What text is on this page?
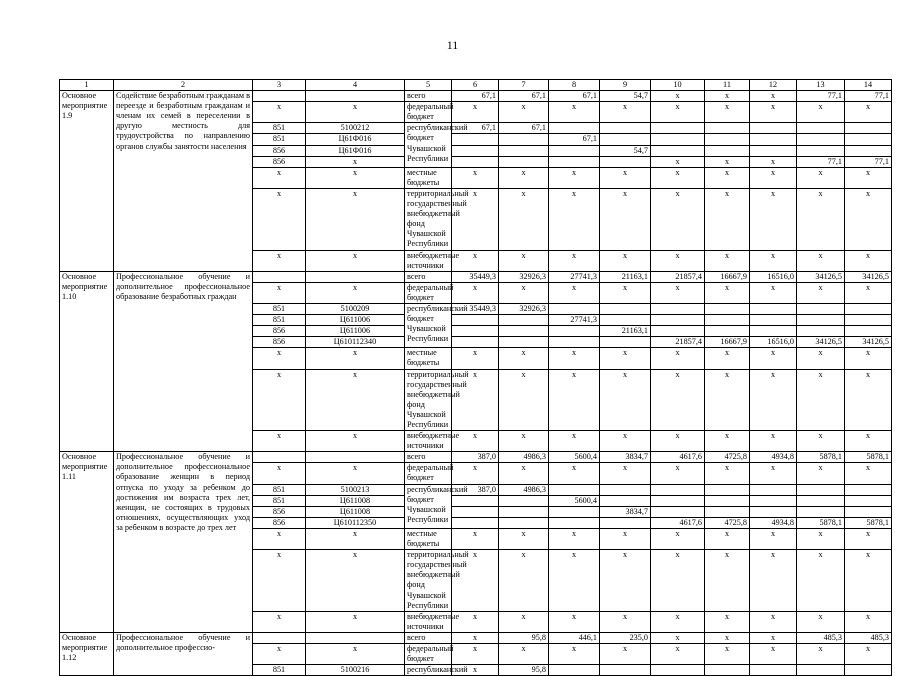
11
1	2	3	4	5	6	7	8	9	10	11	12	13	14
Основное мероприятие 1.9	Содействие безработным гражданам в переезде и безработным гражданам и членам их семей в переселении в другую местность для трудоустройства по направлению органов службы занятости населения			всего	67,1	67,1	67,1	54,7	x	x	x	77,1	77,1
		x	x	федеральный бюджет	x	x	x	x	x	x	x	x	x
		851	5100212	республиканский бюджет Чувашской Республики	67,1	67,1							
		851	Ц61Ф016				67,1						
		856	Ц61Ф016					54,7					
		856	x						x	x	x	77,1	77,1
		x	x	местные бюджеты	x	x	x	x	x	x	x	x	x
		x	x	территориальный государственный внебюджетный фонд Чувашской Республики	x	x	x	x	x	x	x	x	x
		x	x	внебюджетные источники	x	x	x	x	x	x	x	x	x
Основное мероприятие 1.10	Профессиональное обучение и дополнительное профессиональное образование безработных граждан			всего	35449,3	32926,3	27741,3	21163,1	21857,4	16667,9	16516,0	34126,5	34126,5
		x	x	федеральный бюджет	x	x	x	x	x	x	x	x	x
		851	5100209	республиканский бюджет Чувашской Республики	35449,3	32926,3							
		851	Ц611006				27741,3						
		856	Ц611006					21163,1					
		856	Ц610112340						21857,4	16667,9	16516,0	34126,5	34126,5
		x	x	местные бюджеты	x	x	x	x	x	x	x	x	x
		x	x	территориальный государственный внебюджетный фонд Чувашской Республики	x	x	x	x	x	x	x	x	x
		x	x	внебюджетные источники	x	x	x	x	x	x	x	x	x
Основное мероприятие 1.11	Профессиональное обучение и дополнительное профессиональное образование женщин в период отпуска по уходу за ребенком до достижения им возраста трех лет, женщин, не состоящих в трудовых отношениях, осуществляющих уход за ребенком в возрасте до трех лет			всего	387,0	4986,3	5600,4	3834,7	4617,6	4725,8	4934,8	5878,1	5878,1
		x	x	федеральный бюджет	x	x	x	x	x	x	x	x	x
		851	5100213	республиканский бюджет Чувашской Республики	387,0	4986,3							
		851	Ц611008				5600,4						
		856	Ц611008					3834,7					
		856	Ц610112350						4617,6	4725,8	4934,8	5878,1	5878,1
		x	x	местные бюджеты	x	x	x	x	x	x	x	x	x
		x	x	территориальный государственный внебюджетный фонд Чувашской Республики	x	x	x	x	x	x	x	x	x
		x	x	внебюджетные источники	x	x	x	x	x	x	x	x	x
Основное мероприятие 1.12	Профессиональное обучение и дополнительное профессио-			всего	x	95,8	446,1	235,0	x	x	x	485,3	485,3
		x	x	федеральный бюджет	x	x	x	x	x	x	x	x	x
		851	5100216	республиканский	x	95,8							
